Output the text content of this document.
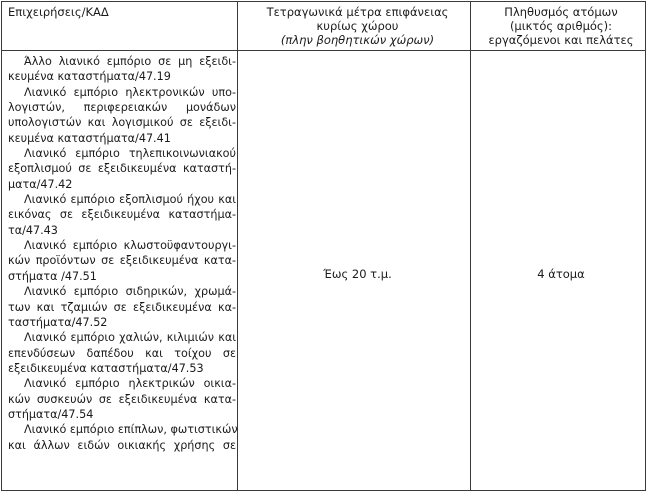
Επιχειρήσεις/ΚΑΔ	Τετραγωνικά μέτρα επιφάνειας
κυρίως χώρου
(πλην βοηθητικών χώρων)
Πληθυσμός ατόμων
(μικτός αριθμός):
εργαζόμενοι και πελάτες
Άλλο λιανικό εμπόριο σε μη εξειδι-
κευμένα καταστήματα/47.19
Λιανικό εμπόριο ηλεκτρονικών υπο-
λογιστών, περιφερειακών μονάδων
υπολογιστών και λογισμικού σε εξειδι-
κευμένα καταστήματα/47.41
Λιανικό εμπόριο τηλεπικοινωνιακού
εξοπλισμού σε εξειδικευμένα καταστή-
ματα/47.42
Λιανικό εμπόριο εξοπλισμού ήχου και
εικόνας σε εξειδικευμένα καταστήμα-
τα/47.43
Λιανικό εμπόριο κλωστοϋφαντουργι-
κών προϊόντων σε εξειδικευμένα κατα-
στήματα /47.51
Λιανικό εμπόριο σιδηρικών, χρωμά-
των και τζαμιών σε εξειδικευμένα κα-
ταστήματα/47.52
Λιανικό εμπόριο χαλιών, κιλιμιών και
επενδύσεων δαπέδου και τοίχου σε
εξειδικευμένα καταστήματα/47.53
Λιανικό εμπόριο ηλεκτρικών οικια-
κών συσκευών σε εξειδικευμένα κατα-
στήματα/47.54
Λιανικό εμπόριο επίπλων, φωτιστικών
και άλλων ειδών οικιακής χρήσης σε
Έως 20 τ.μ.	4 άτομα
